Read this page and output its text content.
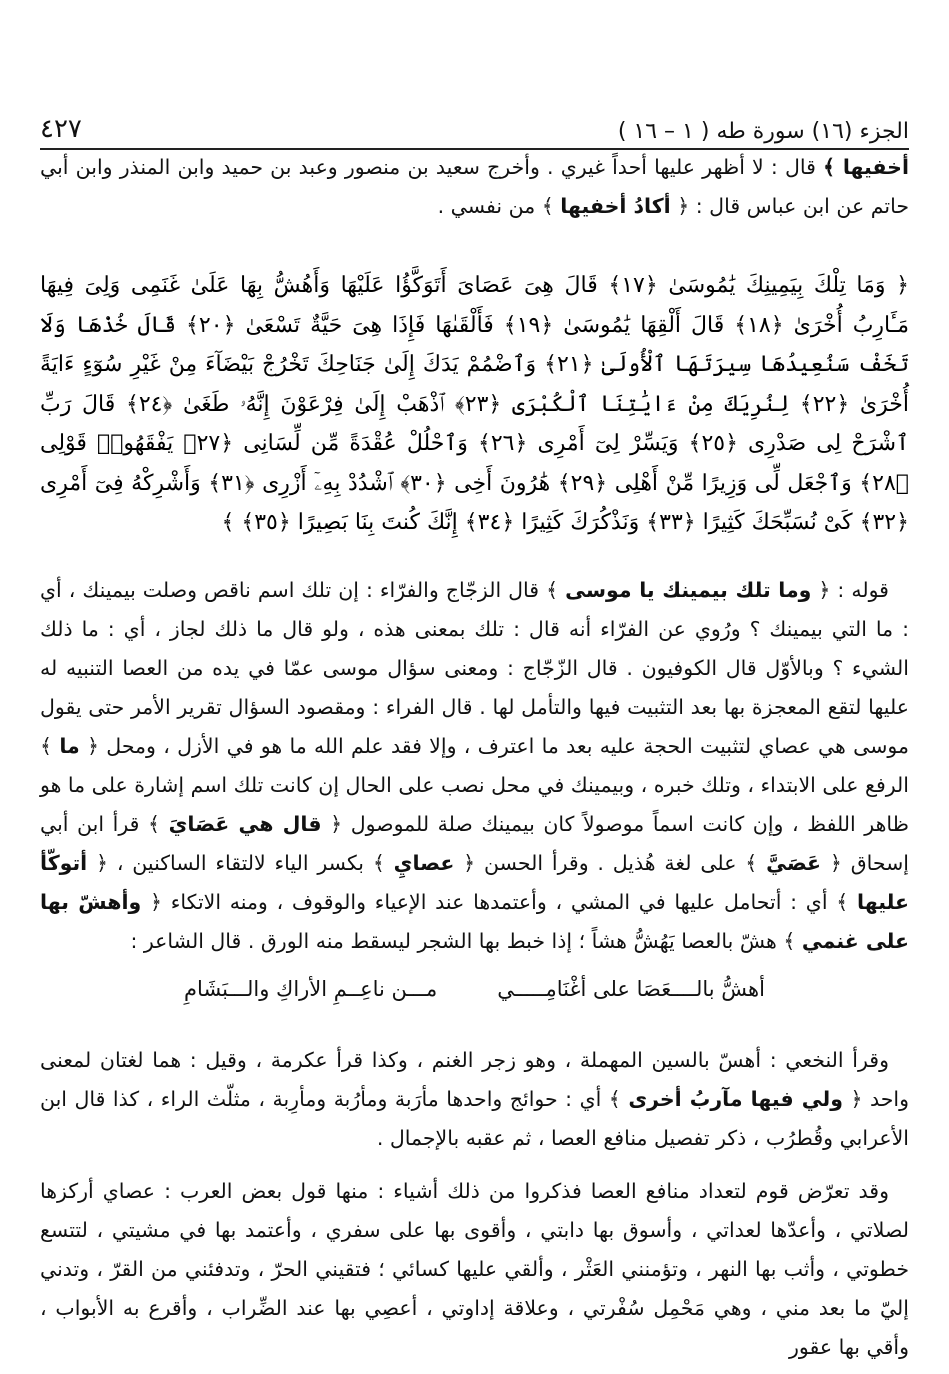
٤٢٧	الجزء (١٦) سورة طه ( ١ – ١٦ )

أخفيها ﴾ قال : لا أظهر عليها أحداً غيري . وأخرج سعيد بن منصور وعبد بن حميد وابن المنذر وابن أبي حاتم عن ابن عباس قال : ﴿ أكادُ أخفيها ﴾ من نفسي .

﴿ وَمَا تِلْكَ بِيَمِينِكَ يَٰمُوسَىٰ ﴿١٧﴾ قَالَ هِىَ عَصَاىَ أَتَوَكَّؤُا عَلَيْهَا وَأَهُشُّ بِهَا عَلَىٰ غَنَمِى وَلِىَ فِيهَا مَـَٔارِبُ أُخْرَىٰ ﴿١٨﴾ قَالَ أَلْقِهَا يَٰمُوسَىٰ ﴿١٩﴾ فَأَلْقَىٰهَا فَإِذَا هِىَ حَيَّةٌ تَسْعَىٰ ﴿٢٠﴾ قَالَ خُذْهَا وَلَا تَخَفْ سَنُعِيدُهَا سِيرَتَهَا ٱلْأُولَىٰ ﴿٢١﴾ وَٱضْمُمْ يَدَكَ إِلَىٰ جَنَاحِكَ تَخْرُجْ بَيْضَآءَ مِنْ غَيْرِ سُوٓءٍ ءَايَةً أُخْرَىٰ ﴿٢٢﴾ لِنُرِيَكَ مِنْ ءَايَٰتِنَا ٱلْكُبْرَى ﴿٢٣﴾ ٱذْهَبْ إِلَىٰ فِرْعَوْنَ إِنَّهُۥ طَغَىٰ ﴿٢٤﴾ قَالَ رَبِّ ٱشْرَحْ لِى صَدْرِى ﴿٢٥﴾ وَيَسِّرْ لِىٓ أَمْرِى ﴿٢٦﴾ وَٱحْلُلْ عُقْدَةً مِّن لِّسَانِى ﴿٢٧﴾ يَفْقَهُوا۟ قَوْلِى ﴿٢٨﴾ وَٱجْعَل لِّى وَزِيرًا مِّنْ أَهْلِى ﴿٢٩﴾ هَٰرُونَ أَخِى ﴿٣٠﴾ ٱشْدُدْ بِهِۦٓ أَزْرِى ﴿٣١﴾ وَأَشْرِكْهُ فِىٓ أَمْرِى ﴿٣٢﴾ كَىْ نُسَبِّحَكَ كَثِيرًا ﴿٣٣﴾ وَنَذْكُرَكَ كَثِيرًا ﴿٣٤﴾ إِنَّكَ كُنتَ بِنَا بَصِيرًا ﴿٣٥﴾ ﴾

قوله : ﴿ وما تلك بيمينك يا موسى ﴾ قال الزجّاج والفرّاء : إن تلك اسم ناقص وصلت بيمينك ، أي : ما التي بيمينك ؟ ورُوي عن الفرّاء أنه قال : تلك بمعنى هذه ، ولو قال ما ذلك لجاز ، أي : ما ذلك الشيء ؟ وبالأوّل قال الكوفيون . قال الزّجّاج : ومعنى سؤال موسى عمّا في يده من العصا التنبيه له عليها لتقع المعجزة بها بعد التثبيت فيها والتأمل لها . قال الفراء : ومقصود السؤال تقرير الأمر حتى يقول موسى هي عصاي لتثبيت الحجة عليه بعد ما اعترف ، وإلا فقد علم الله ما هو في الأزل ، ومحل ﴿ ما ﴾ الرفع على الابتداء ، وتلك خبره ، وبيمينك في محل نصب على الحال إن كانت تلك اسم إشارة على ما هو ظاهر اللفظ ، وإن كانت اسماً موصولاً كان بيمينك صلة للموصول ﴿ قال هي عَصَايَ ﴾ قرأ ابن أبي إسحاق ﴿ عَصَيَّ ﴾ على لغة هُذيل . وقرأ الحسن ﴿ عصايِ ﴾ بكسر الياء لالتقاء الساكنين ، ﴿ أتوكّأ عليها ﴾ أي : أتحامل عليها في المشي ، وأعتمدها عند الإعياء والوقوف ، ومنه الاتكاء ﴿ وأهشّ بها على غنمي ﴾ هشّ بالعصا يَهُشُّ هشاً ؛ إذا خبط بها الشجر ليسقط منه الورق . قال الشاعر :

أهشُّ بالــــعَصَا على أغْنَامِـــــي
مـــن ناعِــمِ الأراكِ والـــبَشَامِ

وقرأ النخعي : أهسّ بالسين المهملة ، وهو زجر الغنم ، وكذا قرأ عكرمة ، وقيل : هما لغتان لمعنى واحد ﴿ ولي فيها مآربُ أخرى ﴾ أي : حوائج واحدها مأرَبة ومأرُبة ومأرِبة ، مثلّث الراء ، كذا قال ابن الأعرابي وقُطرُب ، ذكر تفصيل منافع العصا ، ثم عقبه بالإجمال .

وقد تعرّض قوم لتعداد منافع العصا فذكروا من ذلك أشياء : منها قول بعض العرب : عصاي أركزها لصلاتي ، وأعدّها لعداتي ، وأسوق بها دابتي ، وأقوى بها على سفري ، وأعتمد بها في مشيتي ، لتتسع خطوتي ، وأثب بها النهر ، وتؤمنني العَثْر ، وألقي عليها كسائي ؛ فتقيني الحرّ ، وتدفئني من القرّ ، وتدني إليّ ما بعد مني ، وهي مَحْمِل سُفْرتي ، وعلاقة إداوتي ، أعصِي بها عند الضِّراب ، وأقرع به الأبواب ، وأقي بها عقور
